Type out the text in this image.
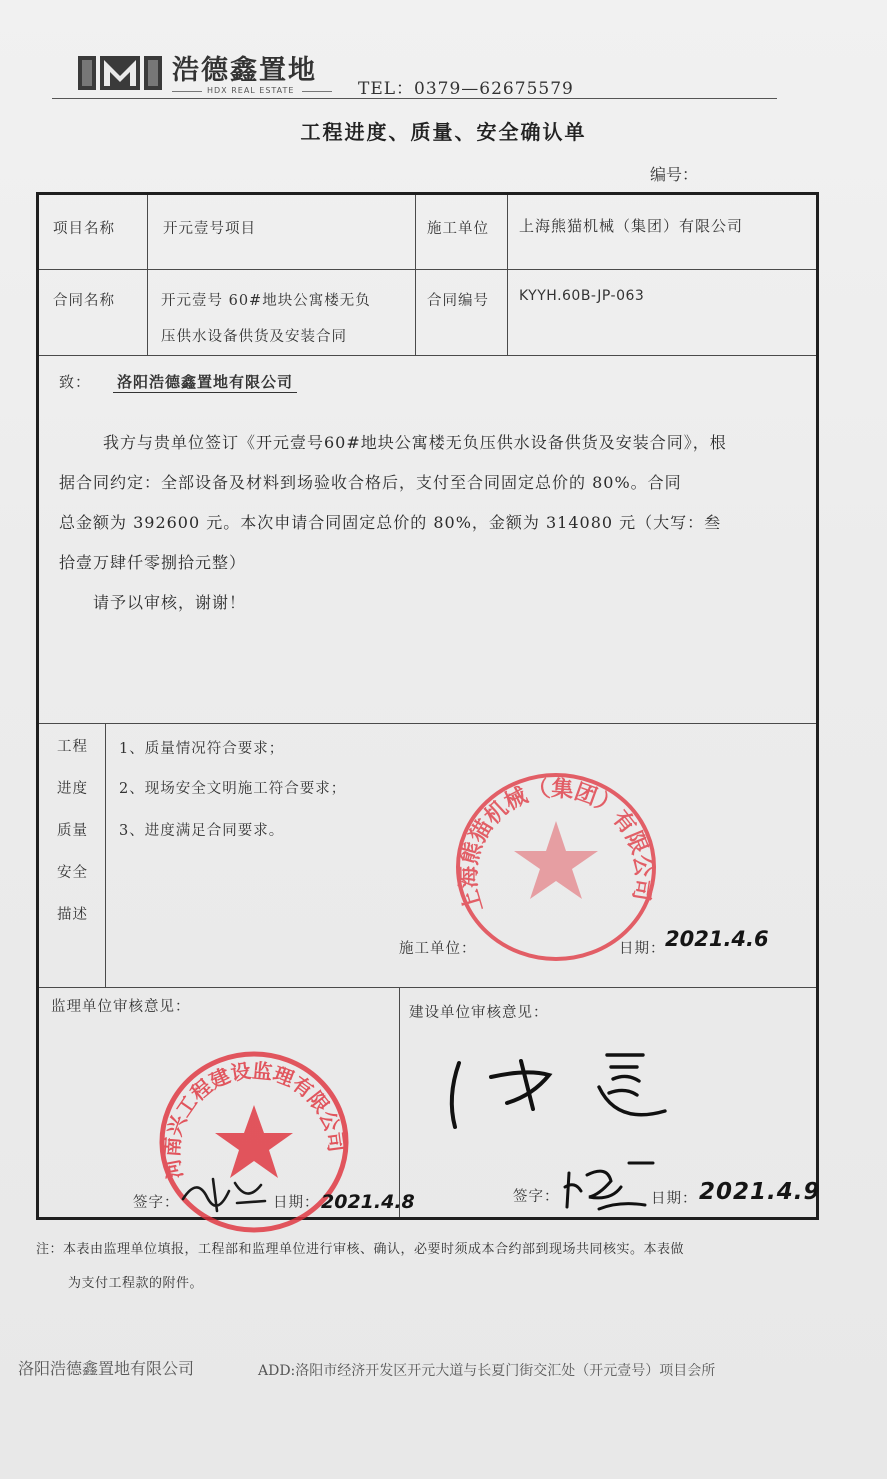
浩德鑫置地
HDX REAL ESTATE	TEL：0379—62675579
工程进度、质量、安全确认单
编号：
项目名称	开元壹号项目	施工单位 上海熊猫机械（集团）有限公司
合同名称	开元壹号 60#地块公寓楼无负
压供水设备供货及安装合同
合同编号 KYYH.60B-JP-063
致： 洛阳浩德鑫置地有限公司
我方与贵单位签订《开元壹号60#地块公寓楼无负压供水设备供货及安装合同》，根
据合同约定：全部设备及材料到场验收合格后，支付至合同固定总价的 80%。合同
总金额为 392600 元。本次申请合同固定总价的 80%，金额为 314080 元（大写：叁
拾壹万肆仟零捌拾元整）
请予以审核，谢谢！
工程
进度
质量
安全
描述
1、质量情况符合要求；
2、现场安全文明施工符合要求；
3、进度满足合同要求。
施工单位：	日期： 2021.4.6
上海熊猫机械（集团）有限公司
监理单位审核意见：	建设单位审核意见：
河南兴工程建设监理有限公司
签字：	日期： 2021.4.8	签字：	日期： 2021.4.9
注：本表由监理单位填报，工程部和监理单位进行审核、确认，必要时须成本合约部到现场共同核实。本表做
为支付工程款的附件。
洛阳浩德鑫置地有限公司	ADD:洛阳市经济开发区开元大道与长夏门街交汇处（开元壹号）项目会所
